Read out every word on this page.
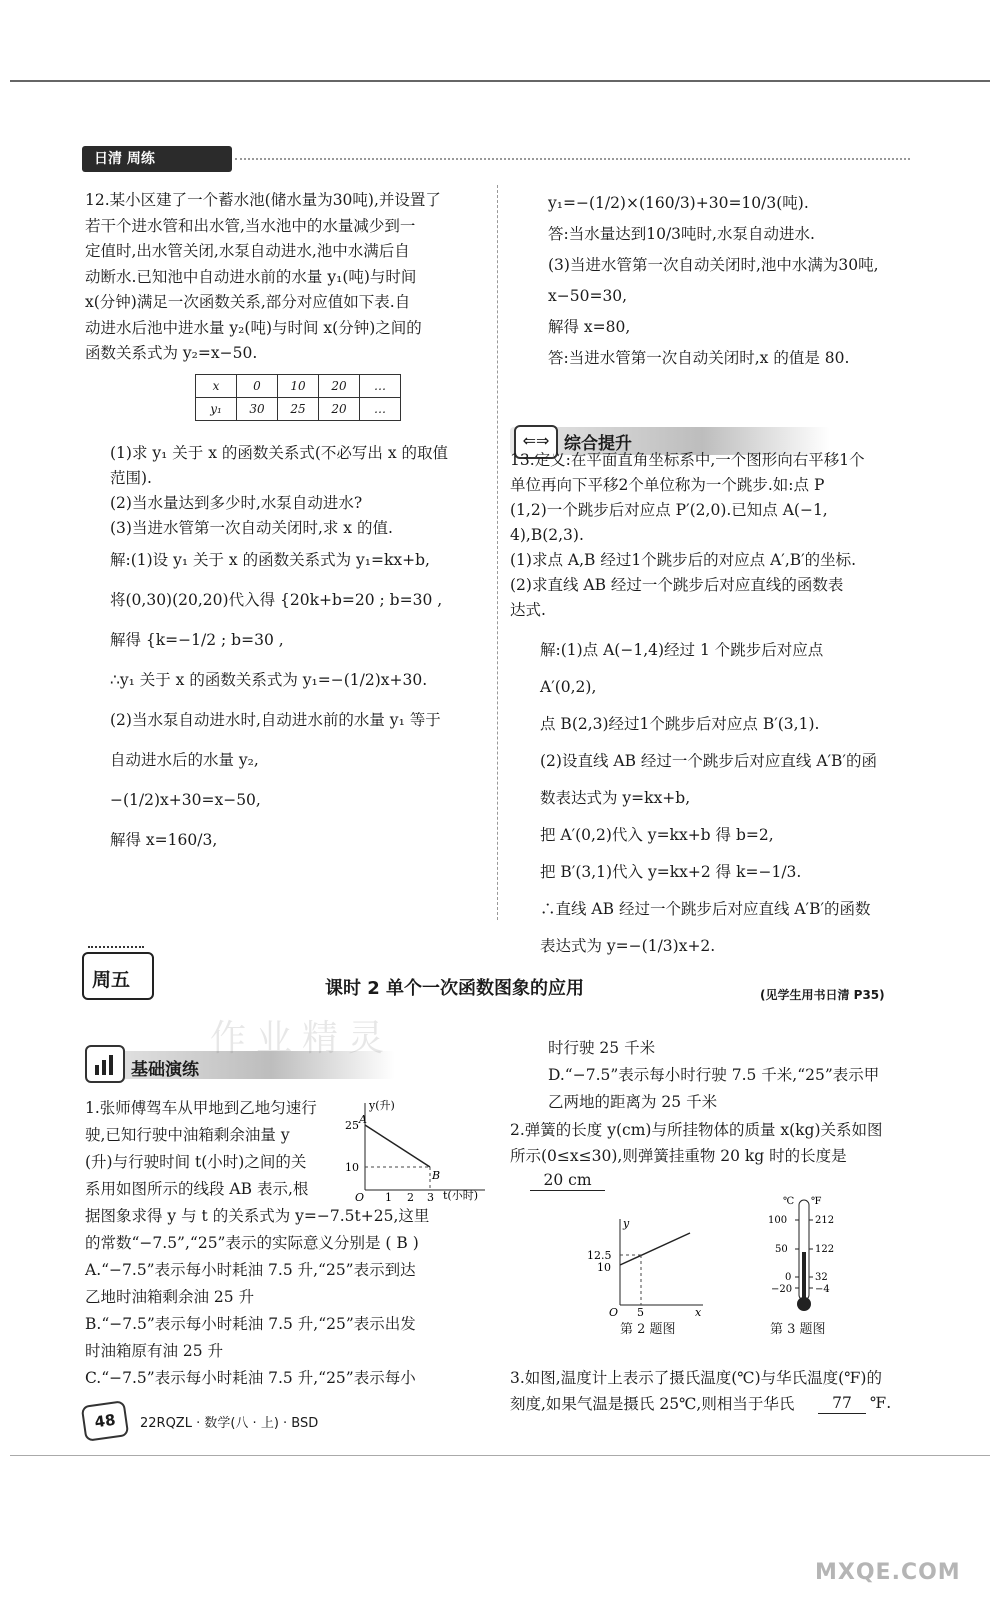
日清 周练
12.某小区建了一个蓄水池(储水量为30吨),并设置了
若干个进水管和出水管,当水池中的水量减少到一
定值时,出水管关闭,水泵自动进水,池中水满后自
动断水.已知池中自动进水前的水量 y₁(吨)与时间
x(分钟)满足一次函数关系,部分对应值如下表.自
动进水后池中进水量 y₂(吨)与时间 x(分钟)之间的
函数关系式为 y₂=x−50.
x	0	10	20	…
y₁	30	25	20	…
(1)求 y₁ 关于 x 的函数关系式(不必写出 x 的取值
范围).
(2)当水量达到多少时,水泵自动进水?
(3)当进水管第一次自动关闭时,求 x 的值.
解:(1)设 y₁ 关于 x 的函数关系式为 y₁=kx+b,
将(0,30)(20,20)代入得 {20k+b=20 ; b=30 ,
解得 {k=−1/2 ; b=30 ,
∴y₁ 关于 x 的函数关系式为 y₁=−(1/2)x+30.
(2)当水泵自动进水时,自动进水前的水量 y₁ 等于
自动进水后的水量 y₂,
−(1/2)x+30=x−50,
解得 x=160/3,
y₁=−(1/2)×(160/3)+30=10/3(吨).
答:当水量达到10/3吨时,水泵自动进水.
(3)当进水管第一次自动关闭时,池中水满为30吨,
x−50=30,
解得 x=80,
答:当进水管第一次自动关闭时,x 的值是 80.
⇐⇒ 综合提升
13.定义:在平面直角坐标系中,一个图形向右平移1个
单位再向下平移2个单位称为一个跳步.如:点 P
(1,2)一个跳步后对应点 P′(2,0).已知点 A(−1,
4),B(2,3).
(1)求点 A,B 经过1个跳步后的对应点 A′,B′的坐标.
(2)求直线 AB 经过一个跳步后对应直线的函数表
达式.
解:(1)点 A(−1,4)经过 1 个跳步后对应点
A′(0,2),
点 B(2,3)经过1个跳步后对应点 B′(3,1).
(2)设直线 AB 经过一个跳步后对应直线 A′B′的函
数表达式为 y=kx+b,
把 A′(0,2)代入 y=kx+b 得 b=2,
把 B′(3,1)代入 y=kx+2 得 k=−1/3.
∴直线 AB 经过一个跳步后对应直线 A′B′的函数
表达式为 y=−(1/3)x+2.
周五	课时 2 单个一次函数图象的应用	(见学生用书日清 P35)
基础演练
作业精灵
1.张师傅驾车从甲地到乙地匀速行
驶,已知行驶中油箱剩余油量 y
(升)与行驶时间 t(小时)之间的关
系用如图所示的线段 AB 表示,根
据图象求得 y 与 t 的关系式为 y=−7.5t+25,这里
的常数“−7.5”,“25”表示的实际意义分别是 ( B )
A.“−7.5”表示每小时耗油 7.5 升,“25”表示到达
乙地时油箱剩余油 25 升
B.“−7.5”表示每小时耗油 7.5 升,“25”表示出发
时油箱原有油 25 升
C.“−7.5”表示每小时耗油 7.5 升,“25”表示每小
y(升)
t(小时)
A
B
25
10
O 1 2 3
时行驶 25 千米
D.“−7.5”表示每小时行驶 7.5 千米,“25”表示甲
乙两地的距离为 25 千米
2.弹簧的长度 y(cm)与所挂物体的质量 x(kg)关系如图
所示(0≤x≤30),则弹簧挂重物 20 kg 时的长度是
20 cm
y
12.5
10
O 5	x
第 2 题图
℃ ℉
100
50
0
−20
212
122
32
−4
第 3 题图
3.如图,温度计上表示了摄氏温度(℃)与华氏温度(℉)的
刻度,如果气温是摄氏 25℃,则相当于华氏	77	℉.
48	22RQZL · 数学(八 · 上) · BSD
MXQE.COM
